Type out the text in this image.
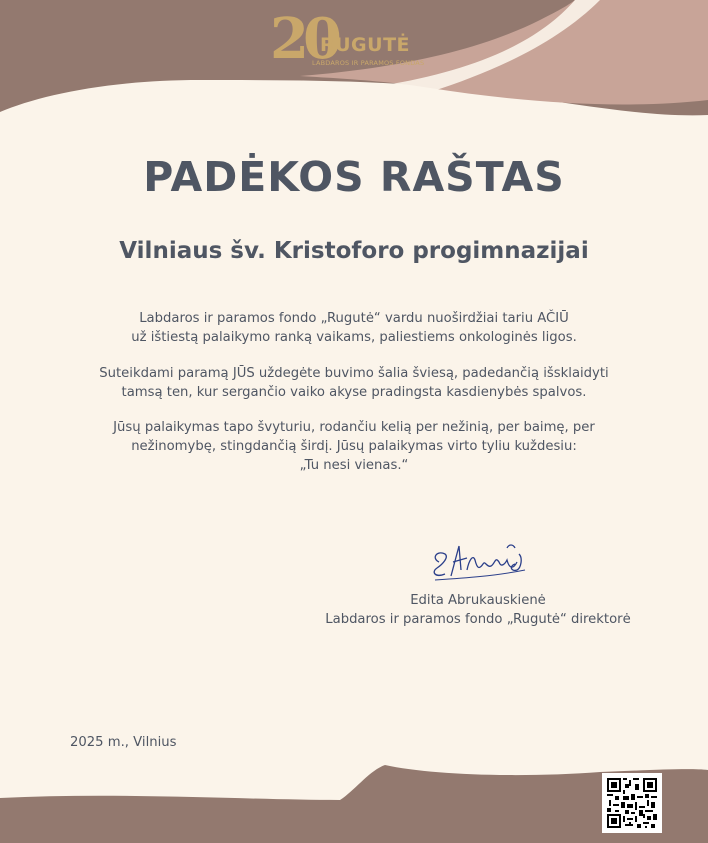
20
RUGUTĖ
LABDAROS IR PARAMOS FONDAS
PADĖKOS RAŠTAS
Vilniaus šv. Kristoforo progimnazijai
Labdaros ir paramos fondo „Rugutė“ vardu nuoširdžiai tariu AČIŪ
už ištiestą palaikymo ranką vaikams, paliestiems onkologinės ligos.
Suteikdami paramą JŪS uždegėte buvimo šalia šviesą, padedančią išsklaidyti
tamsą ten, kur sergančio vaiko akyse pradingsta kasdienybės spalvos.
Jūsų palaikymas tapo švyturiu, rodančiu kelią per nežinią, per baimę, per
nežinomybę, stingdančią širdį. Jūsų palaikymas virto tyliu kuždesiu:
„Tu nesi vienas.“
Edita Abrukauskienė
Labdaros ir paramos fondo „Rugutė“ direktorė
2025 m., Vilnius
